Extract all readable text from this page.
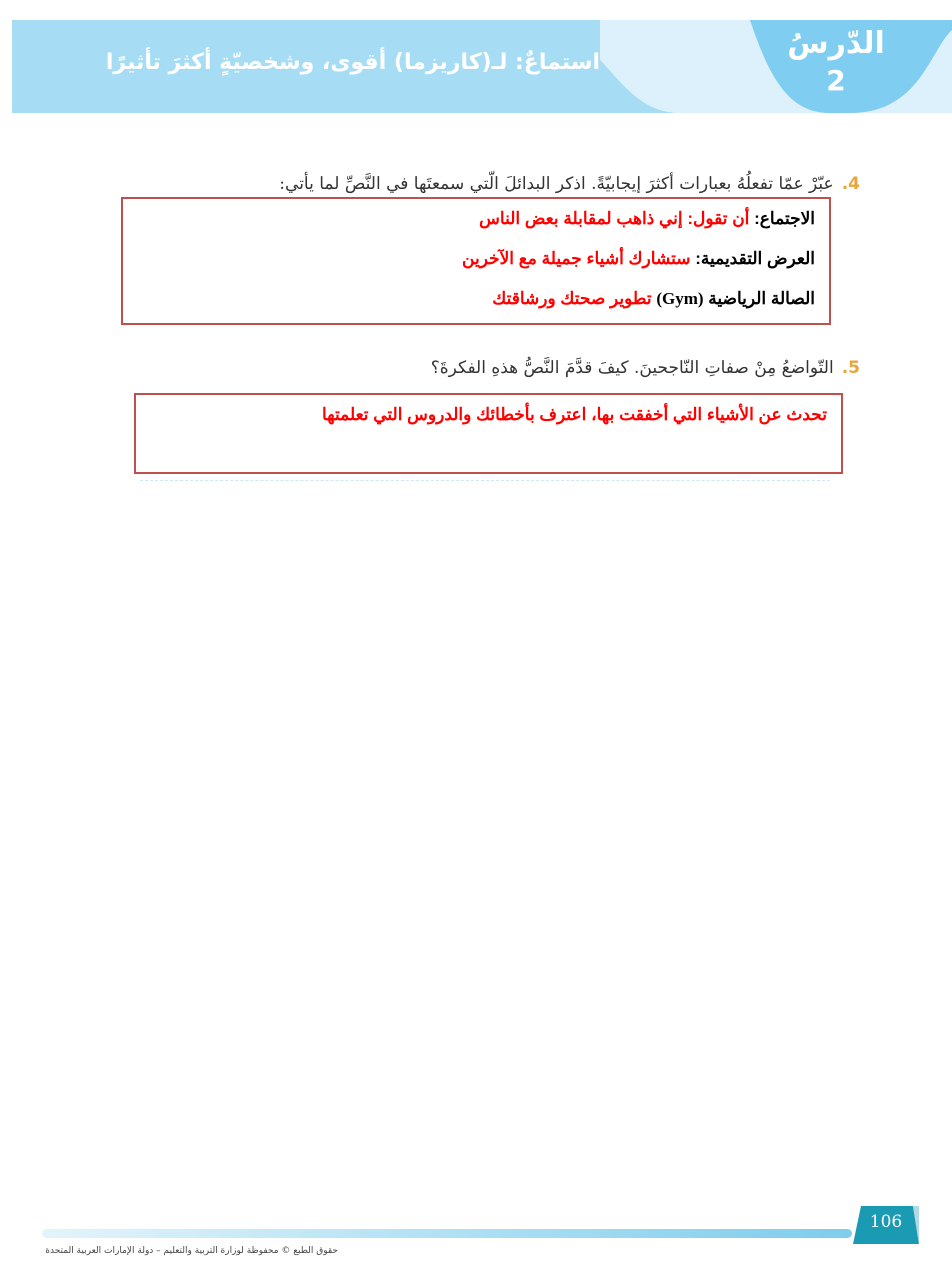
استماعٌ: لـ(كاريزما) أقوى، وشخصيّةٍ أكثرَ تأثيرًا
الدّرسُ
2
4.عبّرْ عمّا تفعلُهُ بعبارات أكثرَ إيجابيّةً. اذكر البدائلَ الّتي سمعتَها في النَّصِّ لما يأتي:
الاجتماع: أن تقول: إني ذاهب لمقابلة بعض الناس
العرض التقديمية: ستشارك أشياء جميلة مع الآخرين
الصالة الرياضية (Gym) تطوير صحتك ورشاقتك
5.التّواضعُ مِنْ صفاتِ النّاجحينَ. كيفَ قدَّمَ النَّصُّ هذهِ الفكرةَ؟
تحدث عن الأشياء التي أخفقت بها، اعترف بأخطائك والدروس التي تعلمتها
106
حقوق الطبع © محفوظة لوزارة التربية والتعليم – دولة الإمارات العربية المتحدة
